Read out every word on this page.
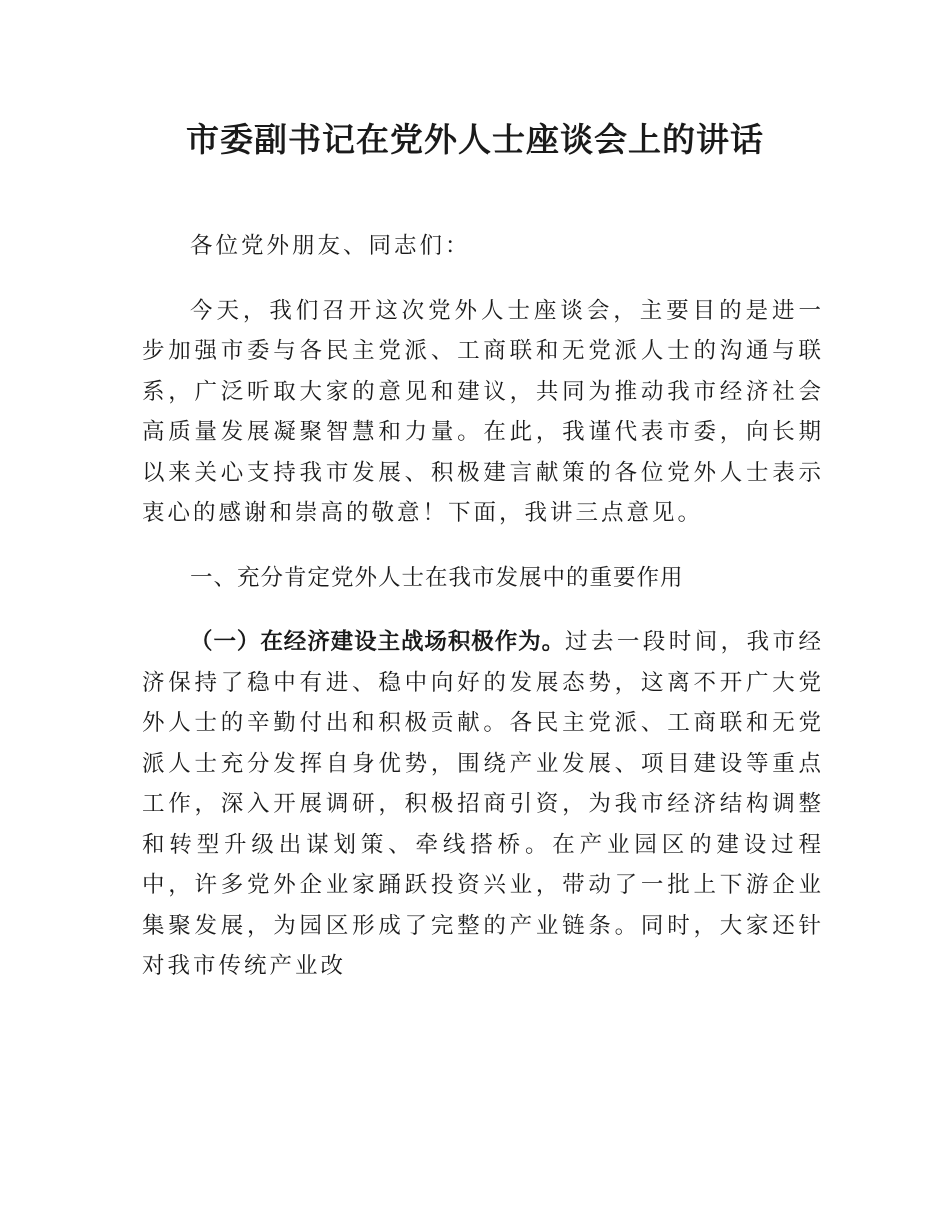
市委副书记在党外人士座谈会上的讲话

各位党外朋友、同志们：

今天，我们召开这次党外人士座谈会，主要目的是进一步加强市委与各民主党派、工商联和无党派人士的沟通与联系，广泛听取大家的意见和建议，共同为推动我市经济社会高质量发展凝聚智慧和力量。在此，我谨代表市委，向长期以来关心支持我市发展、积极建言献策的各位党外人士表示衷心的感谢和崇高的敬意！下面，我讲三点意见。

一、充分肯定党外人士在我市发展中的重要作用

（一）在经济建设主战场积极作为。过去一段时间，我市经济保持了稳中有进、稳中向好的发展态势，这离不开广大党外人士的辛勤付出和积极贡献。各民主党派、工商联和无党派人士充分发挥自身优势，围绕产业发展、项目建设等重点工作，深入开展调研，积极招商引资，为我市经济结构调整和转型升级出谋划策、牵线搭桥。在产业园区的建设过程中，许多党外企业家踊跃投资兴业，带动了一批上下游企业集聚发展，为园区形成了完整的产业链条。同时，大家还针对我市传统产业改
